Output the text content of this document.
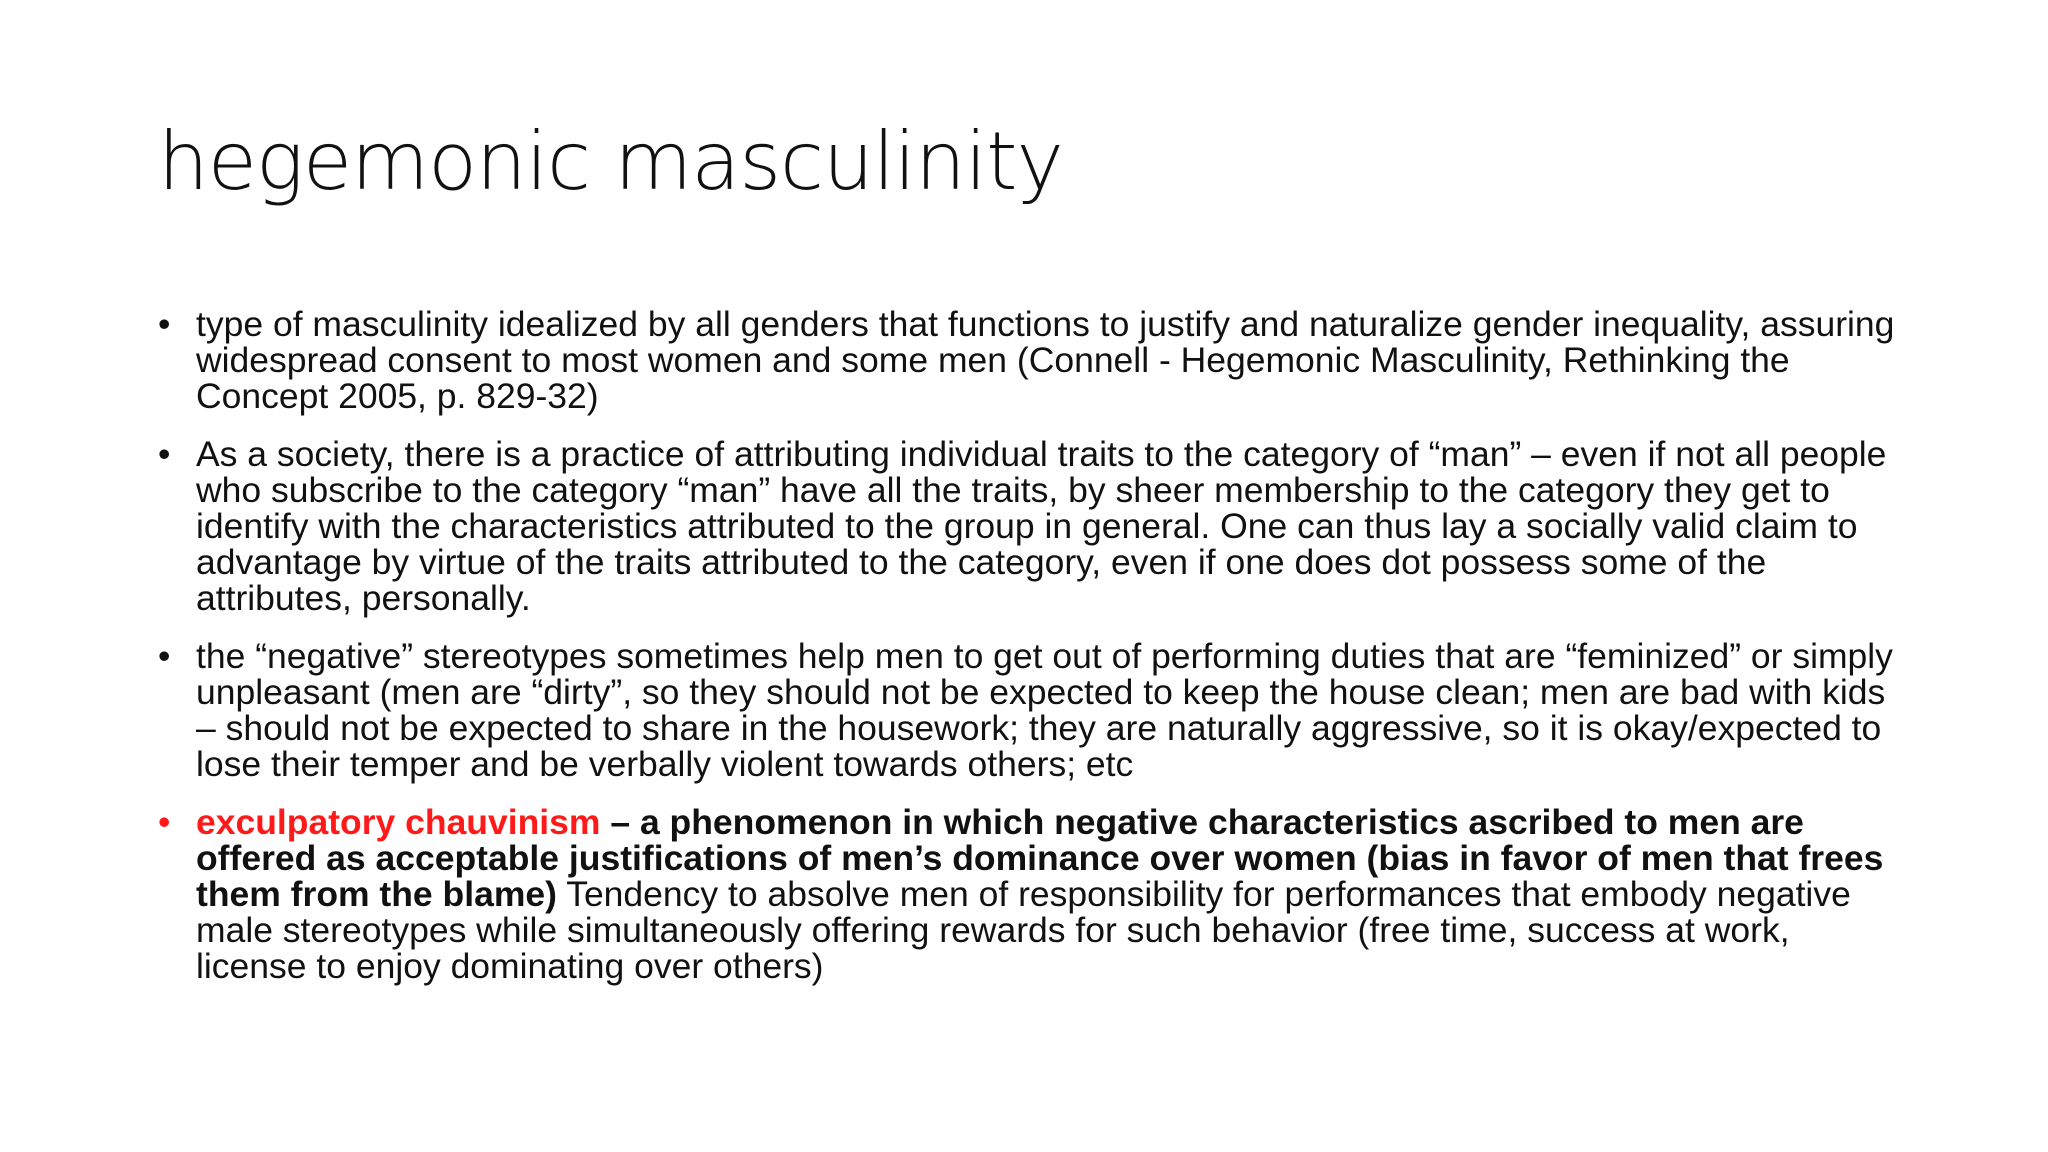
hegemonic masculinity
• type of masculinity idealized by all genders that functions to justify and naturalize gender inequality, assuring widespread consent to most women and some men (Connell - Hegemonic Masculinity, Rethinking the Concept 2005, p. 829-32)
• As a society, there is a practice of attributing individual traits to the category of “man” – even if not all people who subscribe to the category “man” have all the traits, by sheer membership to the category they get to identify with the characteristics attributed to the group in general. One can thus lay a socially valid claim to advantage by virtue of the traits attributed to the category, even if one does dot possess some of the attributes, personally.
• the “negative” stereotypes sometimes help men to get out of performing duties that are “feminized” or simply unpleasant (men are “dirty”, so they should not be expected to keep the house clean; men are bad with kids – should not be expected to share in the housework; they are naturally aggressive, so it is okay/expected to lose their temper and be verbally violent towards others; etc
• exculpatory chauvinism – a phenomenon in which negative characteristics ascribed to men are offered as acceptable justifications of men’s dominance over women (bias in favor of men that frees them from the blame) Tendency to absolve men of responsibility for performances that embody negative male stereotypes while simultaneously offering rewards for such behavior (free time, success at work, license to enjoy dominating over others)
